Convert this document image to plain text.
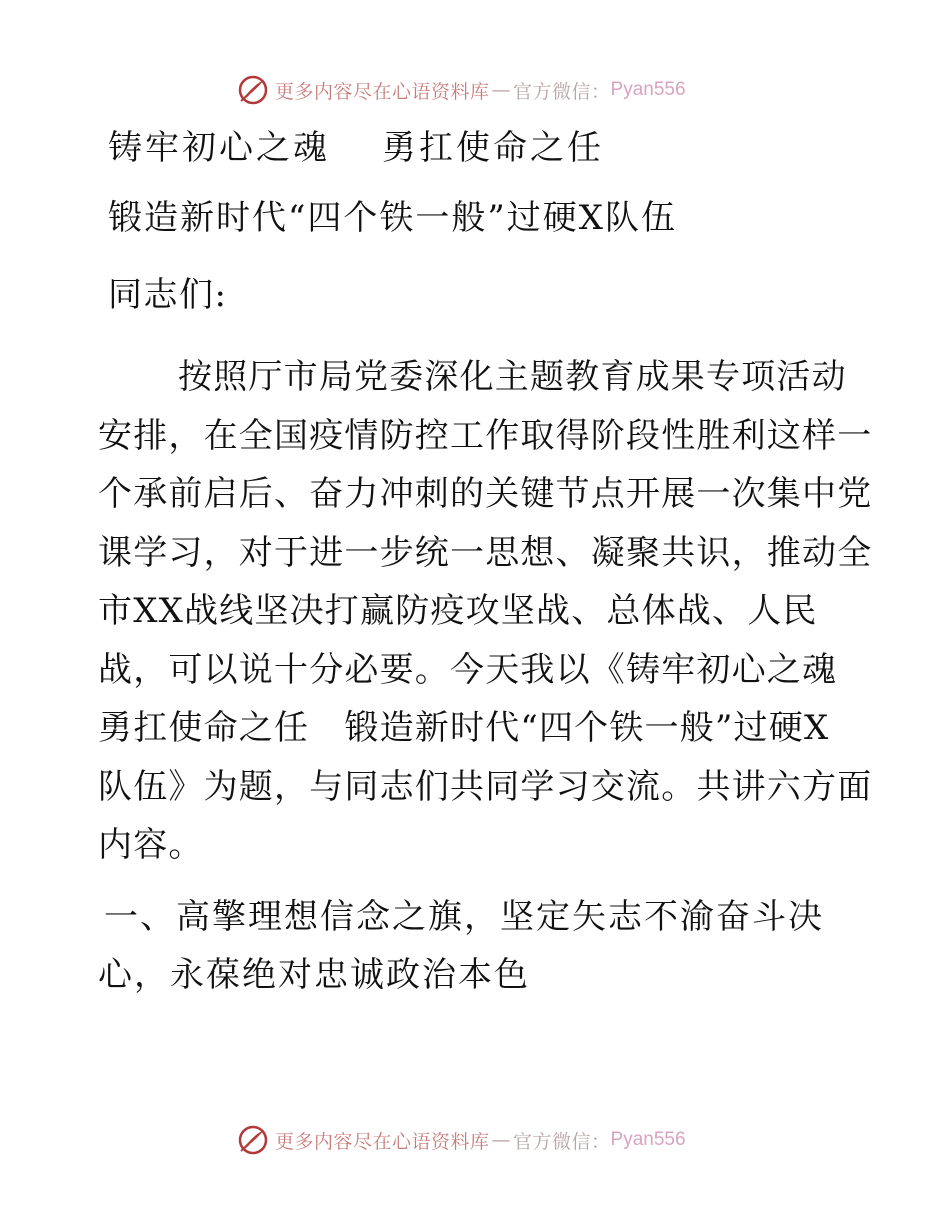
更多内容尽在心语资料库 — 官方微信： Pyan556
铸牢初心之魂 勇扛使命之任
锻造新时代“四个铁一般”过硬X队伍
同志们:
按照厅市局党委深化主题教育成果专项活动
安排，在全国疫情防控工作取得阶段性胜利这样一
个承前启后、奋力冲刺的关键节点开展一次集中党
课学习，对于进一步统一思想、凝聚共识，推动全
市XX战线坚决打赢防疫攻坚战、总体战、人民
战，可以说十分必要。今天我以《铸牢初心之魂
勇扛使命之任　锻造新时代“四个铁一般”过硬X
队伍》为题，与同志们共同学习交流。共讲六方面
内容。
一、高擎理想信念之旗，坚定矢志不渝奋斗决
心，永葆绝对忠诚政治本色
更多内容尽在心语资料库 — 官方微信： Pyan556
